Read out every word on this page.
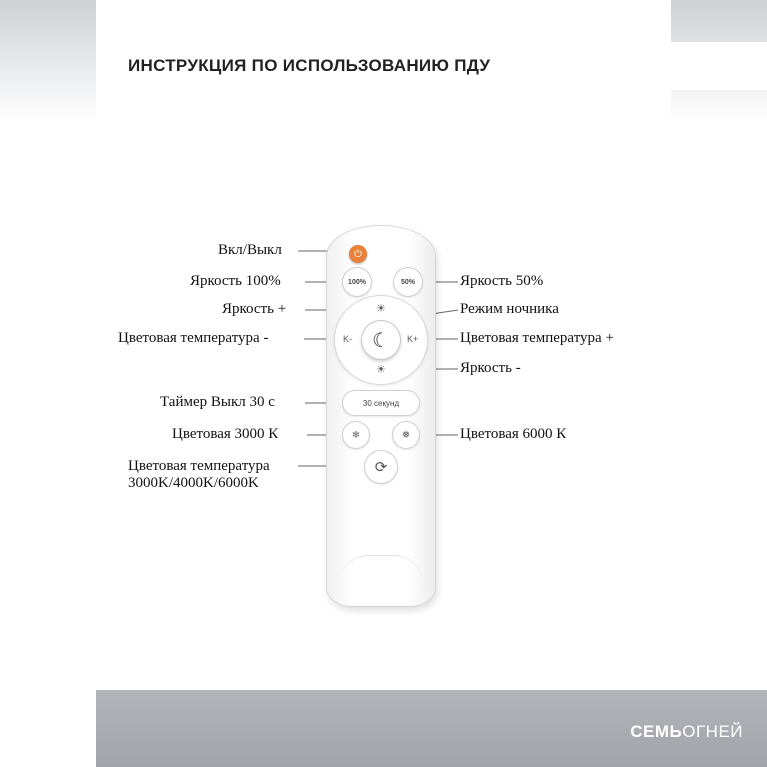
ИНСТРУКЦИЯ ПО ИСПОЛЬЗОВАНИЮ ПДУ
⏻
100%	50%
☀
☀
K-	K+
☾
30 секунд
❄	❅
⟳
Вкл/Выкл
Яркость 100%	Яркость 50%
Яркость +	Режим ночника
Цветовая температура -	Цветовая температура +
Яркость -
Таймер Выкл 30 с
Цветовая 3000 К	Цветовая 6000 К
Цветовая температура
3000K/4000K/6000K
СЕМЬОГНЕЙ
